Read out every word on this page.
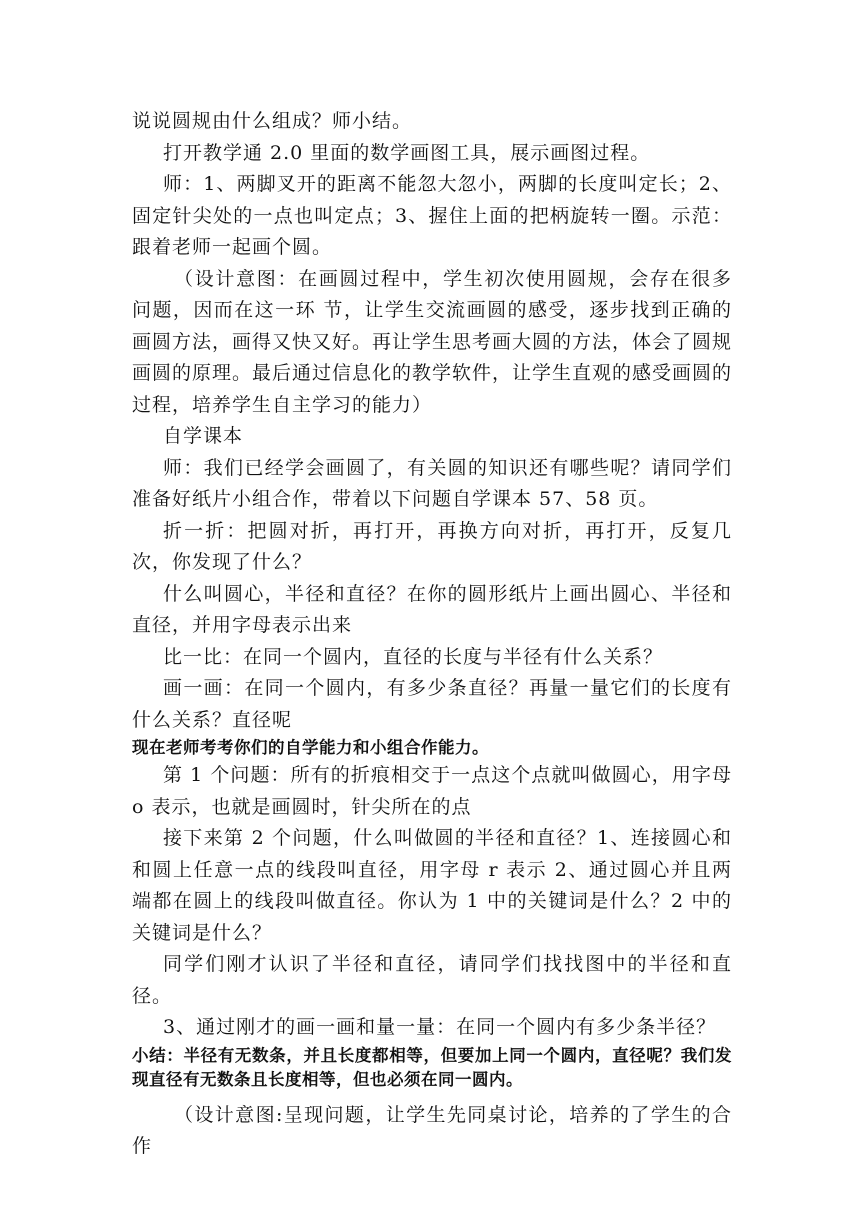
说说圆规由什么组成？师小结。

打开教学通 2.0 里面的数学画图工具，展示画图过程。

师：1、两脚叉开的距离不能忽大忽小，两脚的长度叫定长；2、固定针尖处的一点也叫定点；3、握住上面的把柄旋转一圈。示范：跟着老师一起画个圆。

（设计意图：在画圆过程中，学生初次使用圆规，会存在很多问题，因而在这一环 节，让学生交流画圆的感受，逐步找到正确的画圆方法，画得又快又好。再让学生思考画大圆的方法，体会了圆规画圆的原理。最后通过信息化的教学软件，让学生直观的感受画圆的过程，培养学生自主学习的能力）

自学课本

师：我们已经学会画圆了，有关圆的知识还有哪些呢？请同学们准备好纸片小组合作，带着以下问题自学课本 57、58 页。

折一折：把圆对折，再打开，再换方向对折，再打开，反复几次，你发现了什么？

什么叫圆心，半径和直径？在你的圆形纸片上画出圆心、半径和直径，并用字母表示出来

比一比：在同一个圆内，直径的长度与半径有什么关系？

画一画：在同一个圆内，有多少条直径？再量一量它们的长度有什么关系？直径呢

现在老师考考你们的自学能力和小组合作能力。

第 1 个问题：所有的折痕相交于一点这个点就叫做圆心，用字母 o 表示，也就是画圆时，针尖所在的点

接下来第 2 个问题，什么叫做圆的半径和直径？1、连接圆心和和圆上任意一点的线段叫直径，用字母 r 表示 2、通过圆心并且两端都在圆上的线段叫做直径。你认为 1 中的关键词是什么？2 中的关键词是什么？

同学们刚才认识了半径和直径，请同学们找找图中的半径和直径。

3、通过刚才的画一画和量一量：在同一个圆内有多少条半径？

小结：半径有无数条，并且长度都相等，但要加上同一个圆内，直径呢？我们发现直径有无数条且长度相等，但也必须在同一圆内。

（设计意图:呈现问题，让学生先同桌讨论，培养的了学生的合作
